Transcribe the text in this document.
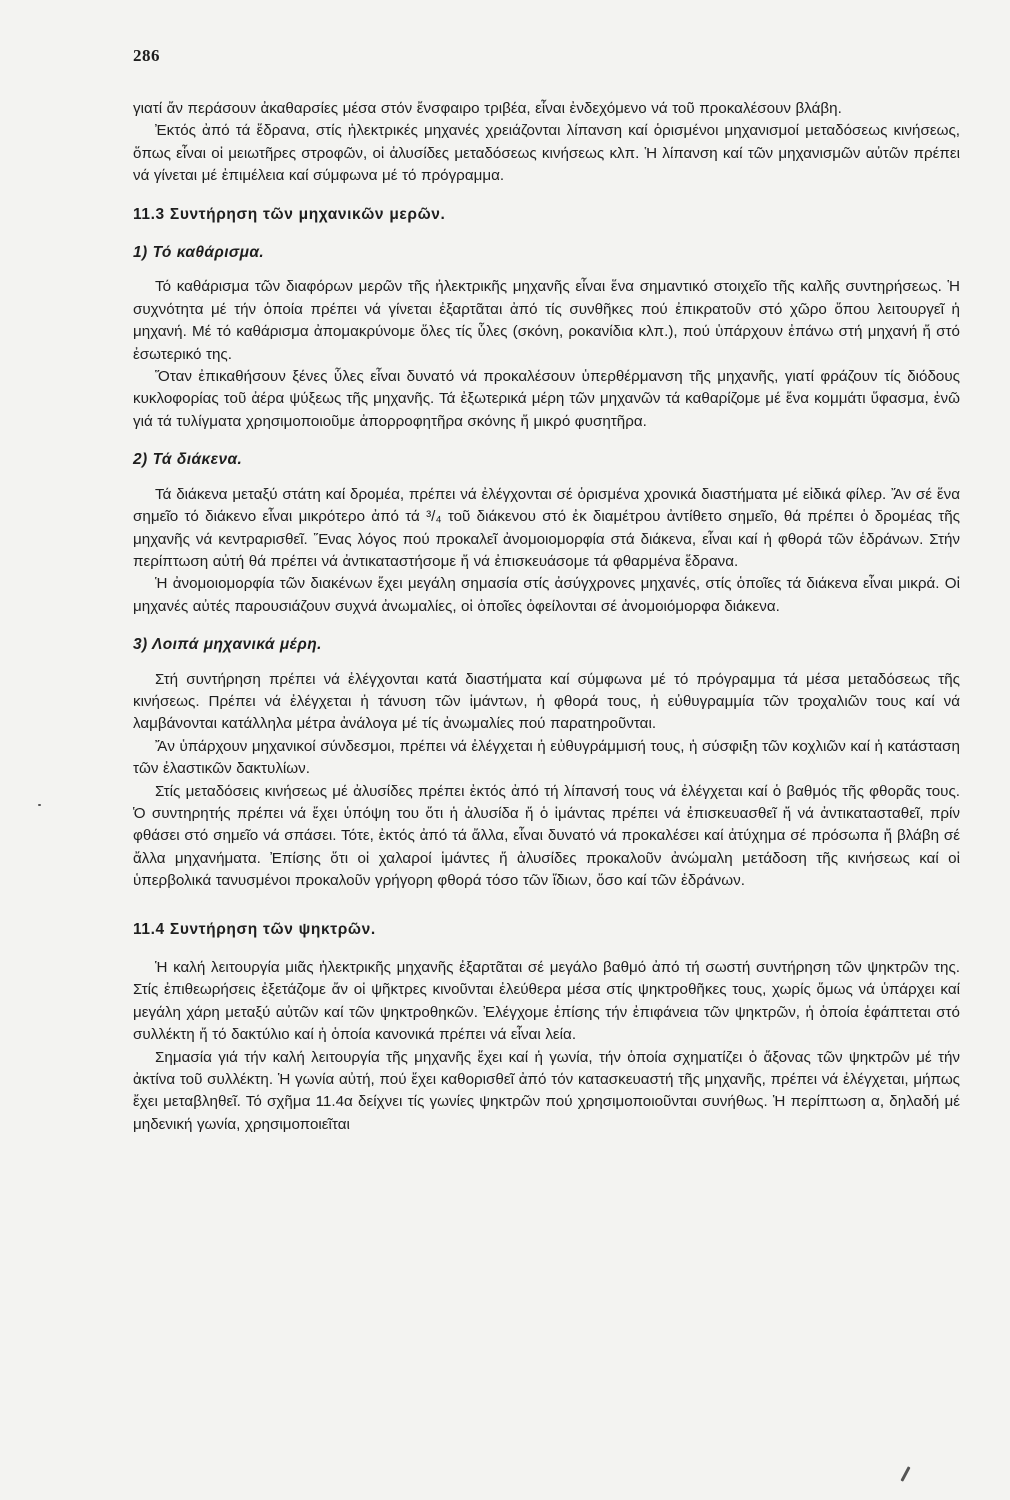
286

γιατί ἄν περάσουν ἀκαθαρσίες μέσα στόν ἔνσφαιρο τριβέα, εἶναι ἐνδεχόμενο νά τοῦ προκαλέσουν βλάβη.

Ἐκτός ἀπό τά ἕδρανα, στίς ἠλεκτρικές μηχανές χρειάζονται λίπανση καί ὁρισμένοι μηχανισμοί μεταδόσεως κινήσεως, ὅπως εἶναι οἱ μειωτῆρες στροφῶν, οἱ ἀλυσίδες μεταδόσεως κινήσεως κλπ. Ἡ λίπανση καί τῶν μηχανισμῶν αὐτῶν πρέπει νά γίνεται μέ ἐπιμέλεια καί σύμφωνα μέ τό πρόγραμμα.

11.3 Συντήρηση τῶν μηχανικῶν μερῶν.
1) Τό καθάρισμα.

Τό καθάρισμα τῶν διαφόρων μερῶν τῆς ἠλεκτρικῆς μηχανῆς εἶναι ἕνα σημαντικό στοιχεῖο τῆς καλῆς συντηρήσεως. Ἡ συχνότητα μέ τήν ὁποία πρέπει νά γίνεται ἐξαρτᾶται ἀπό τίς συνθῆκες πού ἐπικρατοῦν στό χῶρο ὅπου λειτουργεῖ ἡ μηχανή. Μέ τό καθάρισμα ἀπομακρύνομε ὅλες τίς ὗλες (σκόνη, ροκανίδια κλπ.), πού ὑπάρχουν ἐπάνω στή μηχανή ἤ στό ἐσωτερικό της.

Ὅταν ἐπικαθήσουν ξένες ὗλες εἶναι δυνατό νά προκαλέσουν ὑπερθέρμανση τῆς μηχανῆς, γιατί φράζουν τίς διόδους κυκλοφορίας τοῦ ἀέρα ψύξεως τῆς μηχανῆς. Τά ἐξωτερικά μέρη τῶν μηχανῶν τά καθαρίζομε μέ ἕνα κομμάτι ὕφασμα, ἐνῶ γιά τά τυλίγματα χρησιμοποιοῦμε ἀπορροφητῆρα σκόνης ἤ μικρό φυσητῆρα.

2) Τά διάκενα.

Τά διάκενα μεταξύ στάτη καί δρομέα, πρέπει νά ἐλέγχονται σέ ὁρισμένα χρονικά διαστήματα μέ εἰδικά φίλερ. Ἄν σέ ἕνα σημεῖο τό διάκενο εἶναι μικρότερο ἀπό τά ³/₄ τοῦ διάκενου στό ἐκ διαμέτρου ἀντίθετο σημεῖο, θά πρέπει ὁ δρομέας τῆς μηχανῆς νά κεντραρισθεῖ. Ἕνας λόγος πού προκαλεῖ ἀνομοιομορφία στά διάκενα, εἶναι καί ἡ φθορά τῶν ἑδράνων. Στήν περίπτωση αὐτή θά πρέπει νά ἀντικαταστήσομε ἤ νά ἐπισκευάσομε τά φθαρμένα ἕδρανα.

Ἡ ἀνομοιομορφία τῶν διακένων ἔχει μεγάλη σημασία στίς ἀσύγχρονες μηχανές, στίς ὁποῖες τά διάκενα εἶναι μικρά. Οἱ μηχανές αὐτές παρουσιάζουν συχνά ἀνωμαλίες, οἱ ὁποῖες ὀφείλονται σέ ἀνομοιόμορφα διάκενα.

3) Λοιπά μηχανικά μέρη.

Στή συντήρηση πρέπει νά ἐλέγχονται κατά διαστήματα καί σύμφωνα μέ τό πρόγραμμα τά μέσα μεταδόσεως τῆς κινήσεως. Πρέπει νά ἐλέγχεται ἡ τάνυση τῶν ἱμάντων, ἡ φθορά τους, ἡ εὐθυγραμμία τῶν τροχαλιῶν τους καί νά λαμβάνονται κατάλληλα μέτρα ἀνάλογα μέ τίς ἀνωμαλίες πού παρατηροῦνται.

Ἄν ὑπάρχουν μηχανικοί σύνδεσμοι, πρέπει νά ἐλέγχεται ἡ εὐθυγράμμισή τους, ἡ σύσφιξη τῶν κοχλιῶν καί ἡ κατάσταση τῶν ἐλαστικῶν δακτυλίων.

Στίς μεταδόσεις κινήσεως μέ ἀλυσίδες πρέπει ἐκτός ἀπό τή λίπανσή τους νά ἐλέγχεται καί ὁ βαθμός τῆς φθορᾶς τους. Ὁ συντηρητής πρέπει νά ἔχει ὑπόψη του ὅτι ἡ ἀλυσίδα ἤ ὁ ἱμάντας πρέπει νά ἐπισκευασθεῖ ἤ νά ἀντικατασταθεῖ, πρίν φθάσει στό σημεῖο νά σπάσει. Τότε, ἐκτός ἀπό τά ἄλλα, εἶναι δυνατό νά προκαλέσει καί ἀτύχημα σέ πρόσωπα ἤ βλάβη σέ ἄλλα μηχανήματα. Ἐπίσης ὅτι οἱ χαλαροί ἱμάντες ἤ ἀλυσίδες προκαλοῦν ἀνώμαλη μετάδοση τῆς κινήσεως καί οἱ ὑπερβολικά τανυσμένοι προκαλοῦν γρήγορη φθορά τόσο τῶν ἴδιων, ὅσο καί τῶν ἑδράνων.

11.4 Συντήρηση τῶν ψηκτρῶν.

Ἡ καλή λειτουργία μιᾶς ἠλεκτρικῆς μηχανῆς ἐξαρτᾶται σέ μεγάλο βαθμό ἀπό τή σωστή συντήρηση τῶν ψηκτρῶν της. Στίς ἐπιθεωρήσεις ἐξετάζομε ἄν οἱ ψῆκτρες κινοῦνται ἐλεύθερα μέσα στίς ψηκτροθῆκες τους, χωρίς ὅμως νά ὑπάρχει καί μεγάλη χάρη μεταξύ αὐτῶν καί τῶν ψηκτροθηκῶν. Ἐλέγχομε ἐπίσης τήν ἐπιφάνεια τῶν ψηκτρῶν, ἡ ὁποία ἐφάπτεται στό συλλέκτη ἤ τό δακτύλιο καί ἡ ὁποία κανονικά πρέπει νά εἶναι λεία.

Σημασία γιά τήν καλή λειτουργία τῆς μηχανῆς ἔχει καί ἡ γωνία, τήν ὁποία σχηματίζει ὁ ἄξονας τῶν ψηκτρῶν μέ τήν ἀκτίνα τοῦ συλλέκτη. Ἡ γωνία αὐτή, πού ἔχει καθορισθεῖ ἀπό τόν κατασκευαστή τῆς μηχανῆς, πρέπει νά ἐλέγχεται, μήπως ἔχει μεταβληθεῖ. Τό σχῆμα 11.4α δείχνει τίς γωνίες ψηκτρῶν πού χρησιμοποιοῦνται συνήθως. Ἡ περίπτωση α, δηλαδή μέ μηδενική γωνία, χρησιμοποιεῖται
